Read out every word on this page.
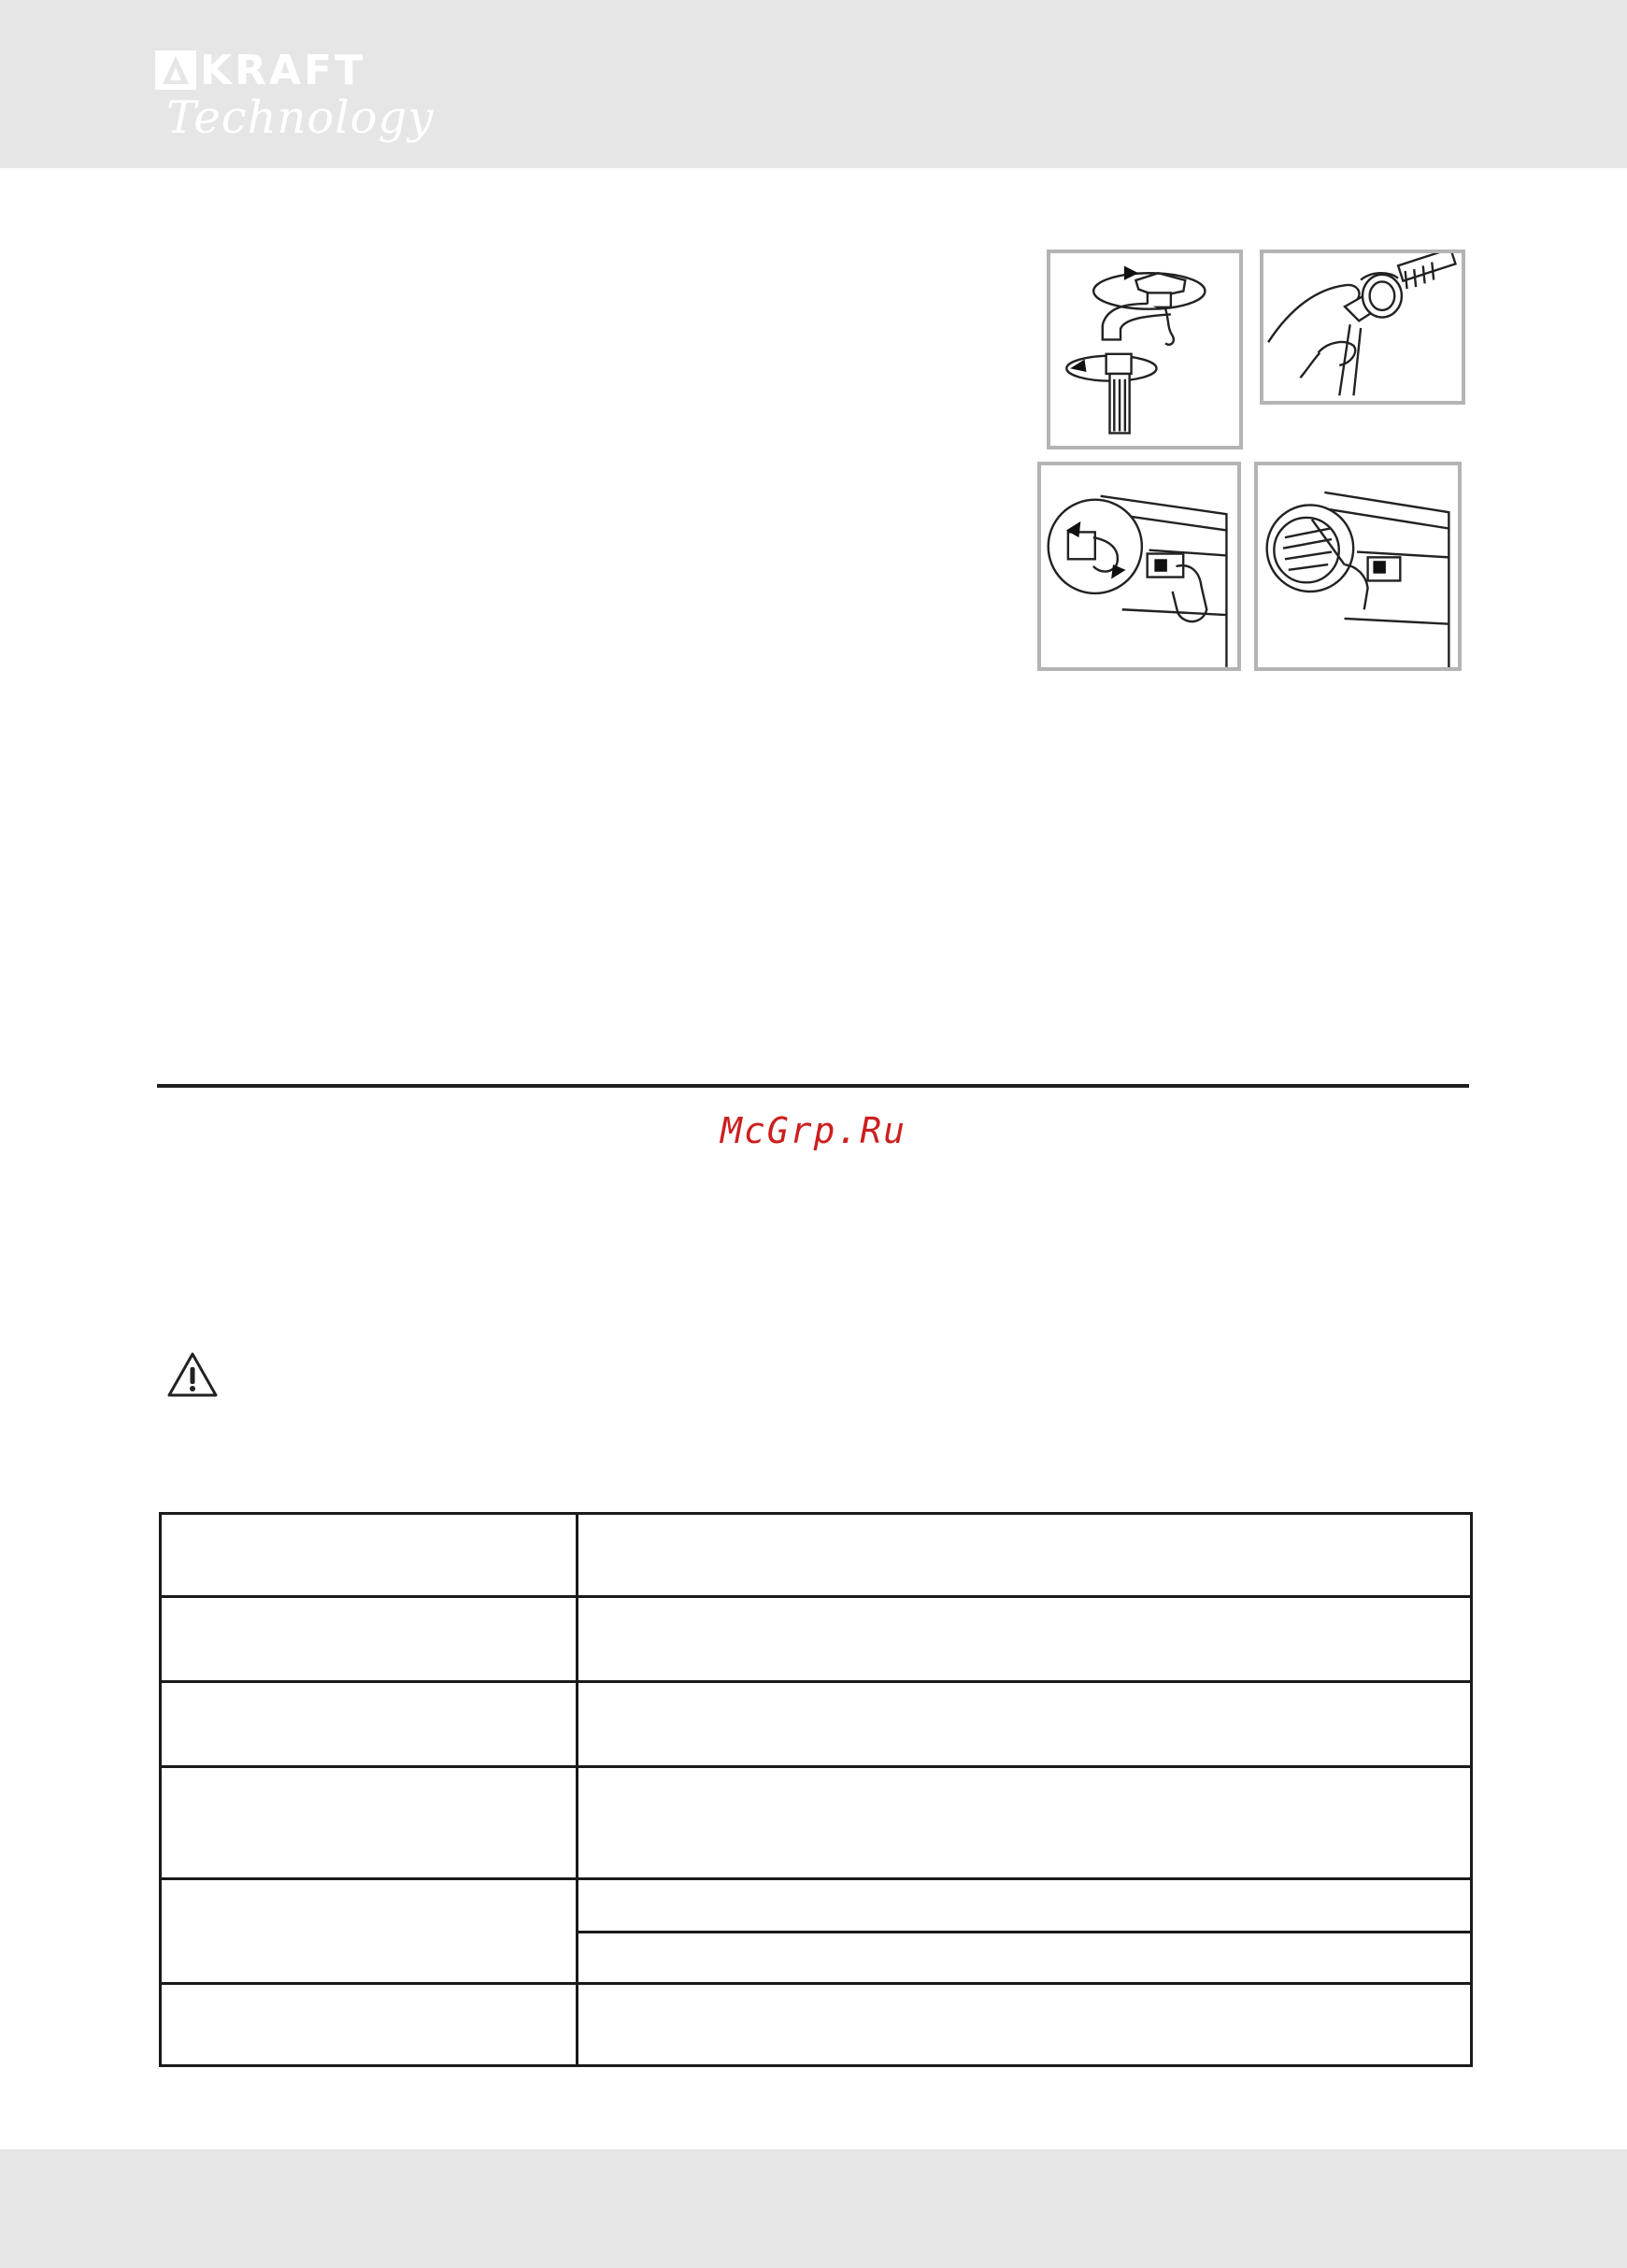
KRAFT
Technology
McGrp.Ru
